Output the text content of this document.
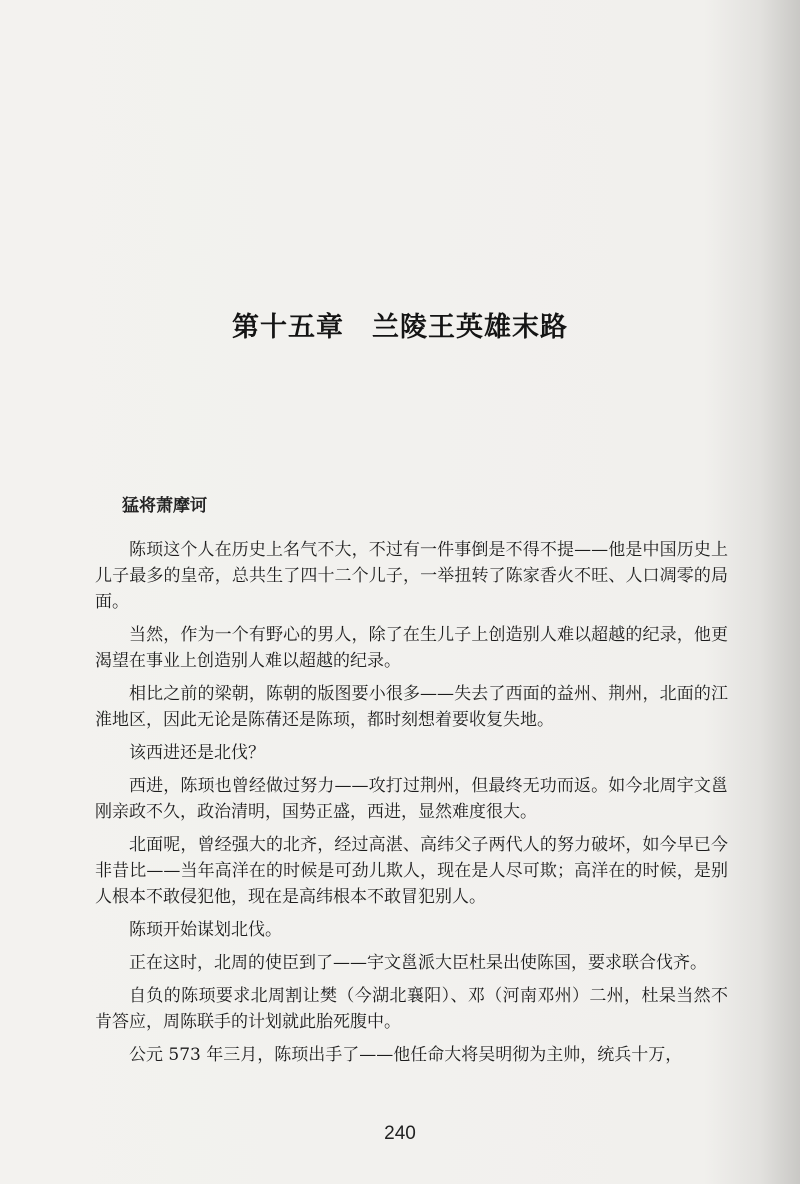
第十五章　兰陵王英雄末路
猛将萧摩诃

陈顼这个人在历史上名气不大，不过有一件事倒是不得不提——他是中国历史上儿子最多的皇帝，总共生了四十二个儿子，一举扭转了陈家香火不旺、人口凋零的局面。

当然，作为一个有野心的男人，除了在生儿子上创造别人难以超越的纪录，他更渴望在事业上创造别人难以超越的纪录。

相比之前的梁朝，陈朝的版图要小很多——失去了西面的益州、荆州，北面的江淮地区，因此无论是陈蒨还是陈顼，都时刻想着要收复失地。

该西进还是北伐？

西进，陈顼也曾经做过努力——攻打过荆州，但最终无功而返。如今北周宇文邕刚亲政不久，政治清明，国势正盛，西进，显然难度很大。

北面呢，曾经强大的北齐，经过高湛、高纬父子两代人的努力破坏，如今早已今非昔比——当年高洋在的时候是可劲儿欺人，现在是人尽可欺；高洋在的时候，是别人根本不敢侵犯他，现在是高纬根本不敢冒犯别人。

陈顼开始谋划北伐。

正在这时，北周的使臣到了——宇文邕派大臣杜杲出使陈国，要求联合伐齐。

自负的陈顼要求北周割让樊（今湖北襄阳）、邓（河南邓州）二州，杜杲当然不肯答应，周陈联手的计划就此胎死腹中。

公元 573 年三月，陈顼出手了——他任命大将吴明彻为主帅，统兵十万，

240
